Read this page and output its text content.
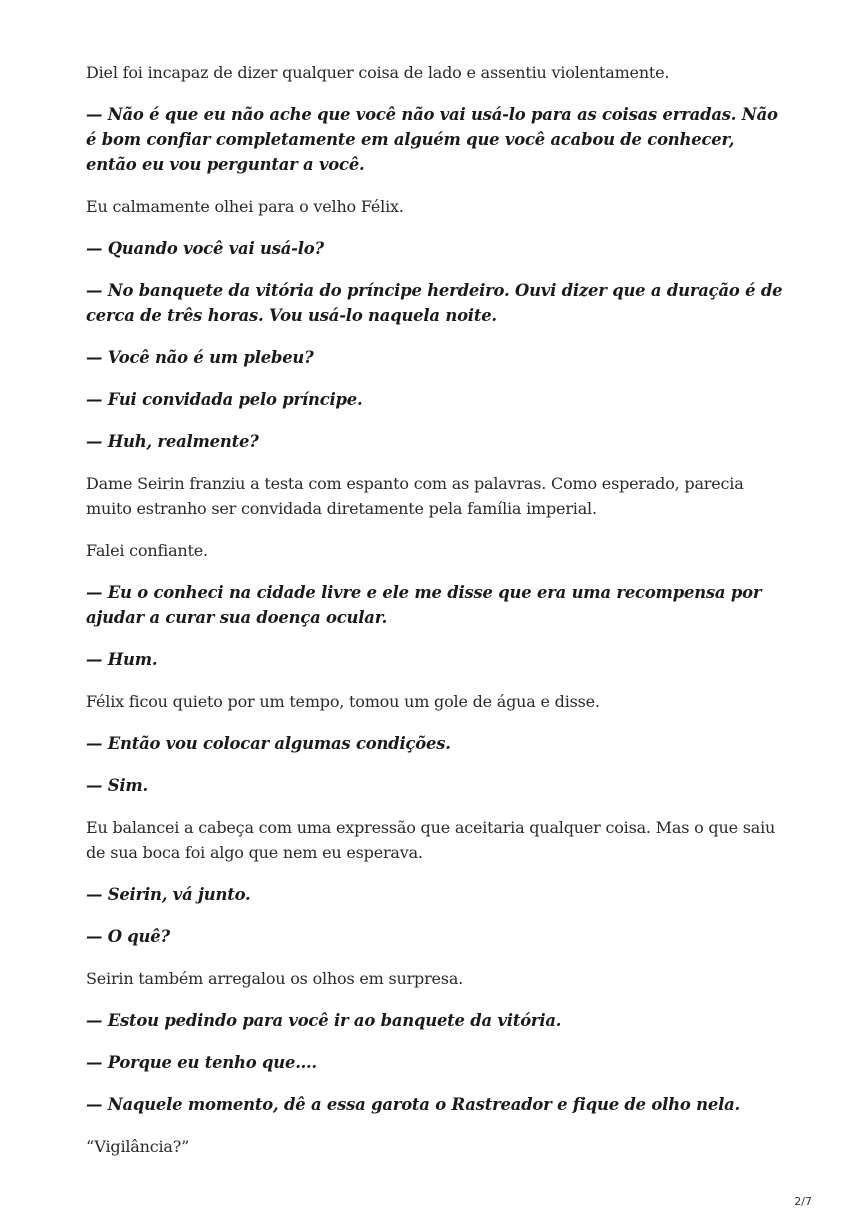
Diel foi incapaz de dizer qualquer coisa de lado e assentiu violentamente.

— Não é que eu não ache que você não vai usá-lo para as coisas erradas. Não é bom confiar completamente em alguém que você acabou de conhecer, então eu vou perguntar a você.

Eu calmamente olhei para o velho Félix.

— Quando você vai usá-lo?

— No banquete da vitória do príncipe herdeiro. Ouvi dizer que a duração é de cerca de três horas. Vou usá-lo naquela noite.

— Você não é um plebeu?

— Fui convidada pelo príncipe.

— Huh, realmente?

Dame Seirin franziu a testa com espanto com as palavras. Como esperado, parecia muito estranho ser convidada diretamente pela família imperial.

Falei confiante.

— Eu o conheci na cidade livre e ele me disse que era uma recompensa por ajudar a curar sua doença ocular.

— Hum.

Félix ficou quieto por um tempo, tomou um gole de água e disse.

— Então vou colocar algumas condições.

— Sim.

Eu balancei a cabeça com uma expressão que aceitaria qualquer coisa. Mas o que saiu de sua boca foi algo que nem eu esperava.

— Seirin, vá junto.

— O quê?

Seirin também arregalou os olhos em surpresa.

— Estou pedindo para você ir ao banquete da vitória.

— Porque eu tenho que….

— Naquele momento, dê a essa garota o Rastreador e fique de olho nela.

“Vigilância?”

2/7
